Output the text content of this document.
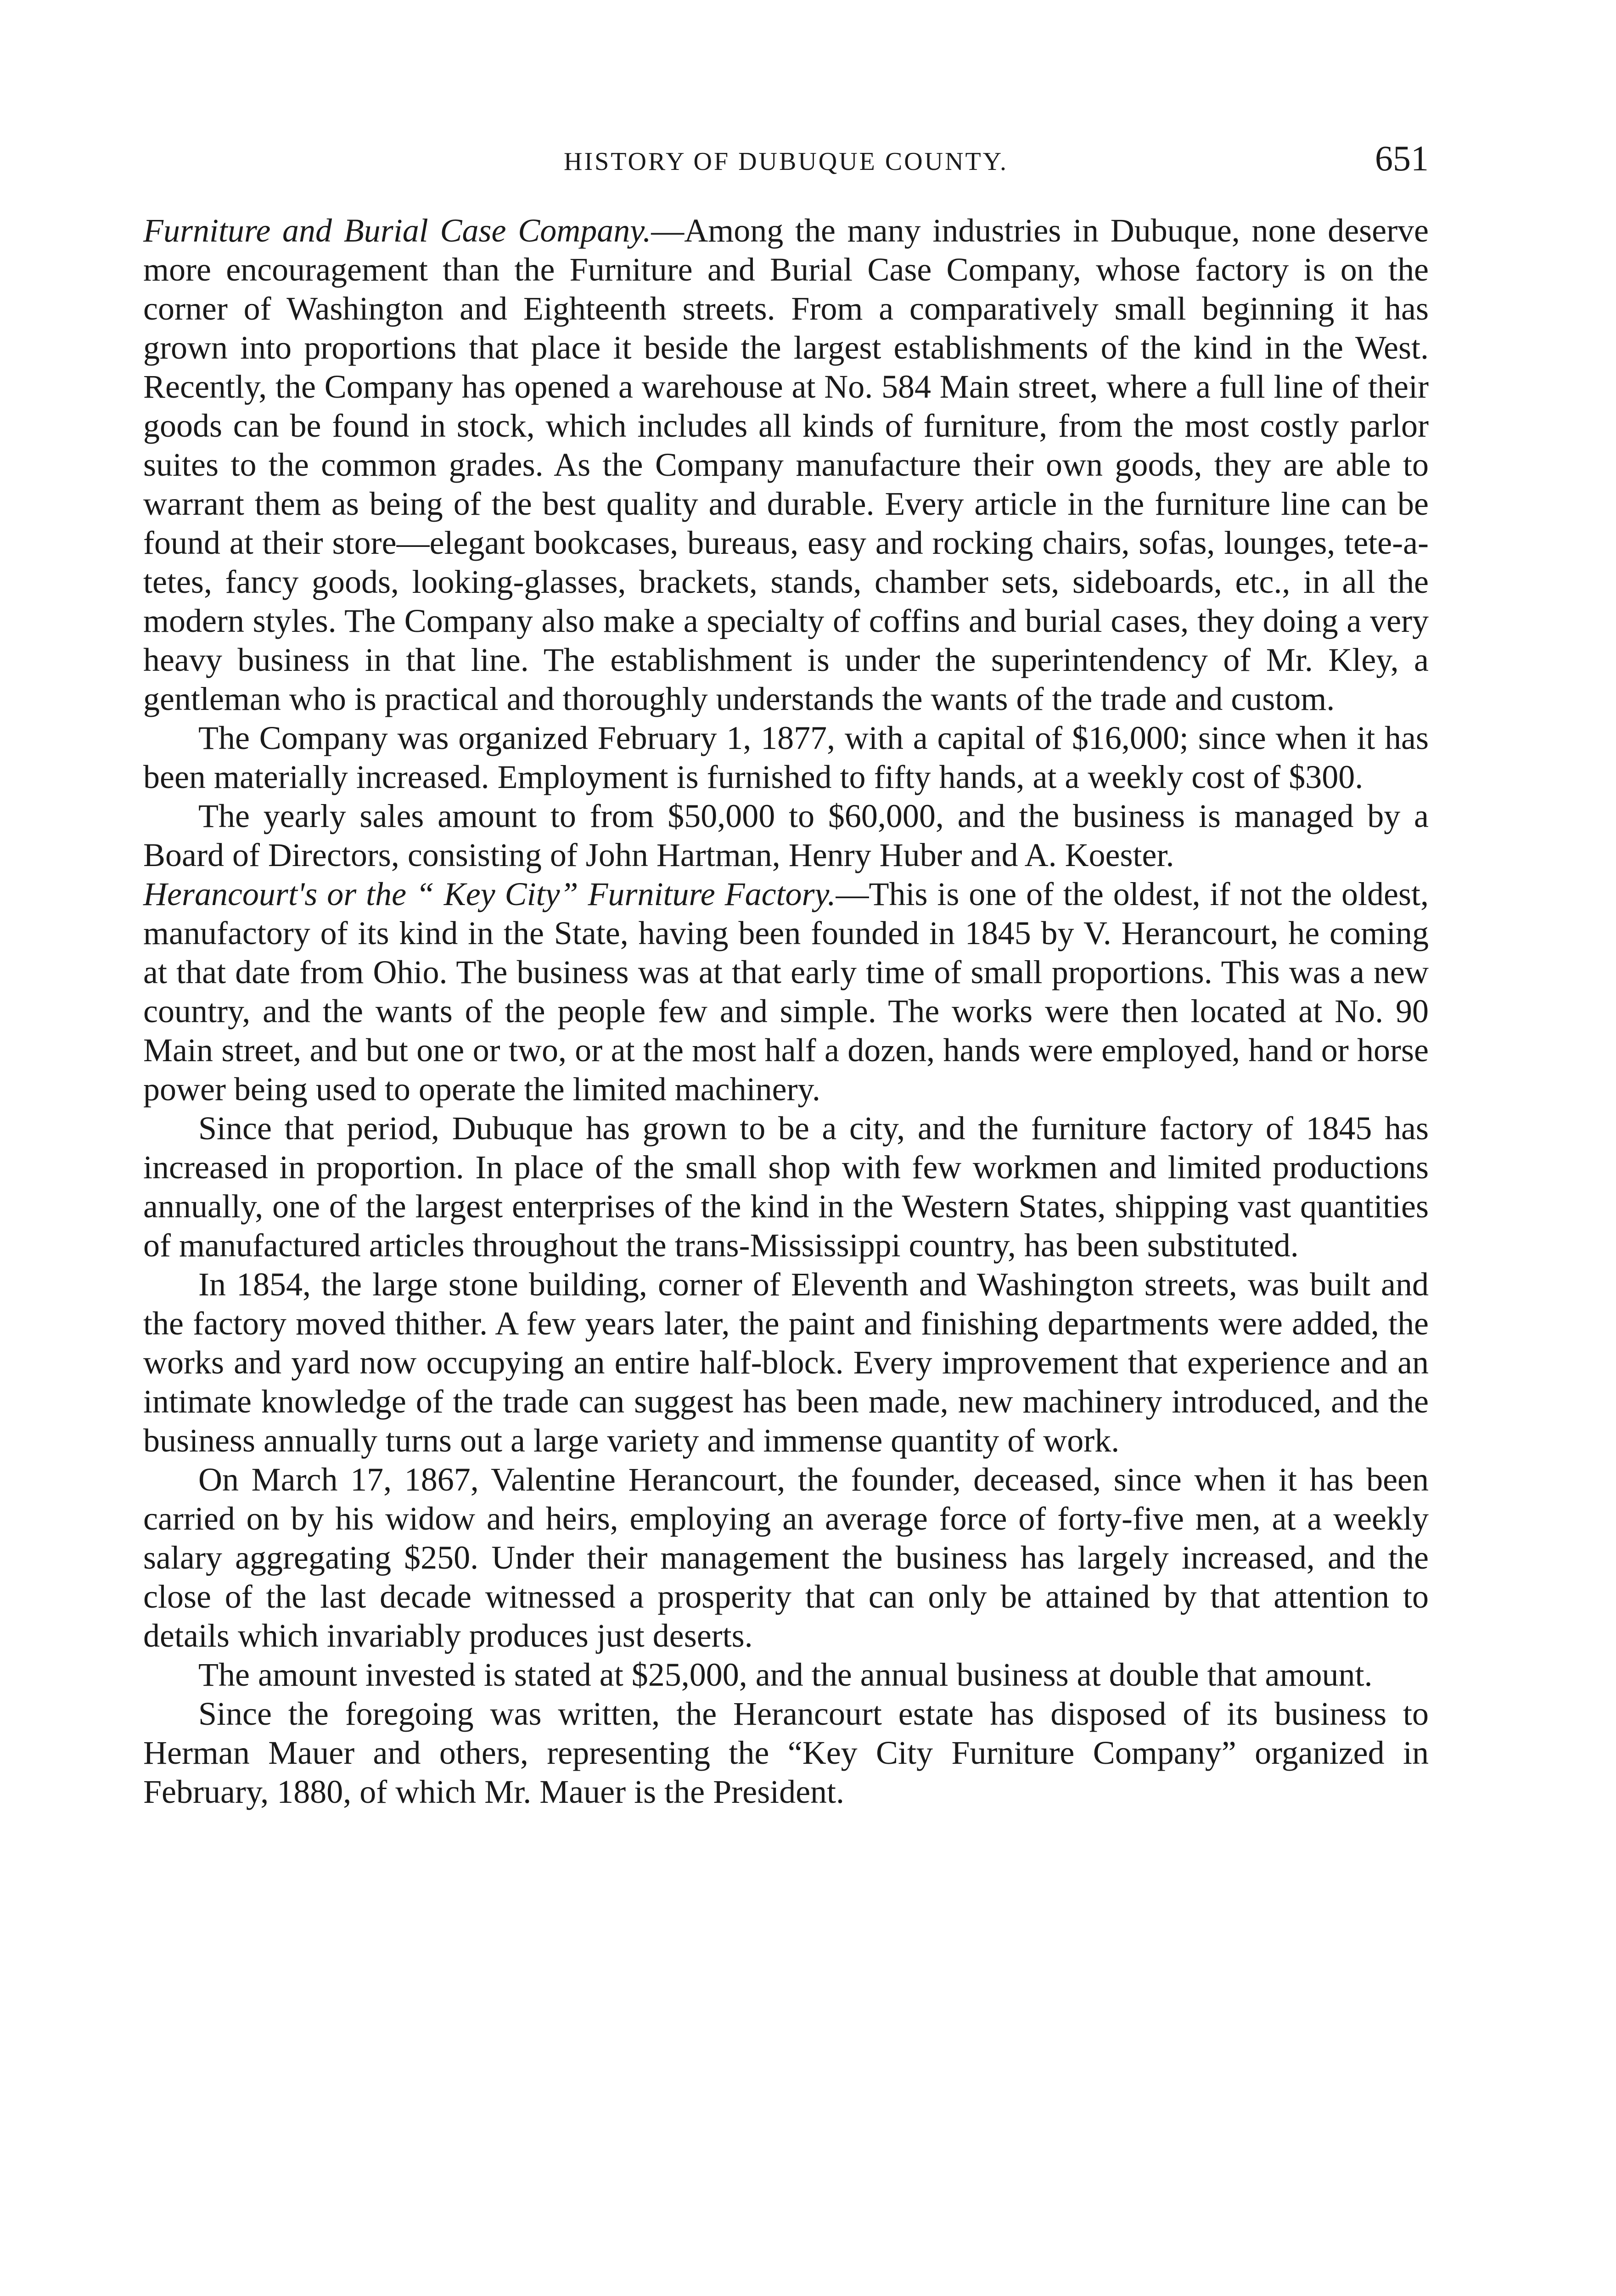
HISTORY OF DUBUQUE COUNTY.	651

Furniture and Burial Case Company.—Among the many industries in Dubuque, none deserve more encouragement than the Furniture and Burial Case Company, whose factory is on the corner of Washington and Eighteenth streets. From a comparatively small beginning it has grown into proportions that place it beside the largest establishments of the kind in the West. Recently, the Company has opened a warehouse at No. 584 Main street, where a full line of their goods can be found in stock, which includes all kinds of furniture, from the most costly parlor suites to the common grades. As the Company manufacture their own goods, they are able to warrant them as being of the best quality and durable. Every article in the furniture line can be found at their store—elegant bookcases, bureaus, easy and rocking chairs, sofas, lounges, tete-a-tetes, fancy goods, looking-glasses, brackets, stands, chamber sets, sideboards, etc., in all the modern styles. The Company also make a specialty of coffins and burial cases, they doing a very heavy business in that line. The establishment is under the superintendency of Mr. Kley, a gentleman who is practical and thoroughly understands the wants of the trade and custom.

The Company was organized February 1, 1877, with a capital of $16,000; since when it has been materially increased. Employment is furnished to fifty hands, at a weekly cost of $300.

The yearly sales amount to from $50,000 to $60,000, and the business is managed by a Board of Directors, consisting of John Hartman, Henry Huber and A. Koester.

Herancourt's or the “ Key City” Furniture Factory.—This is one of the oldest, if not the oldest, manufactory of its kind in the State, having been founded in 1845 by V. Herancourt, he coming at that date from Ohio. The business was at that early time of small proportions. This was a new country, and the wants of the people few and simple. The works were then located at No. 90 Main street, and but one or two, or at the most half a dozen, hands were employed, hand or horse power being used to operate the limited machinery.

Since that period, Dubuque has grown to be a city, and the furniture factory of 1845 has increased in proportion. In place of the small shop with few workmen and limited productions annually, one of the largest enterprises of the kind in the Western States, shipping vast quantities of manufactured articles throughout the trans-Mississippi country, has been substituted.

In 1854, the large stone building, corner of Eleventh and Washington streets, was built and the factory moved thither. A few years later, the paint and finishing departments were added, the works and yard now occupying an entire half-block. Every improvement that experience and an intimate knowledge of the trade can suggest has been made, new machinery introduced, and the business annually turns out a large variety and immense quantity of work.

On March 17, 1867, Valentine Herancourt, the founder, deceased, since when it has been carried on by his widow and heirs, employing an average force of forty-five men, at a weekly salary aggregating $250. Under their management the business has largely increased, and the close of the last decade witnessed a prosperity that can only be attained by that attention to details which invariably produces just deserts.

The amount invested is stated at $25,000, and the annual business at double that amount.

Since the foregoing was written, the Herancourt estate has disposed of its business to Herman Mauer and others, representing the “Key City Furniture Company” organized in February, 1880, of which Mr. Mauer is the President.
